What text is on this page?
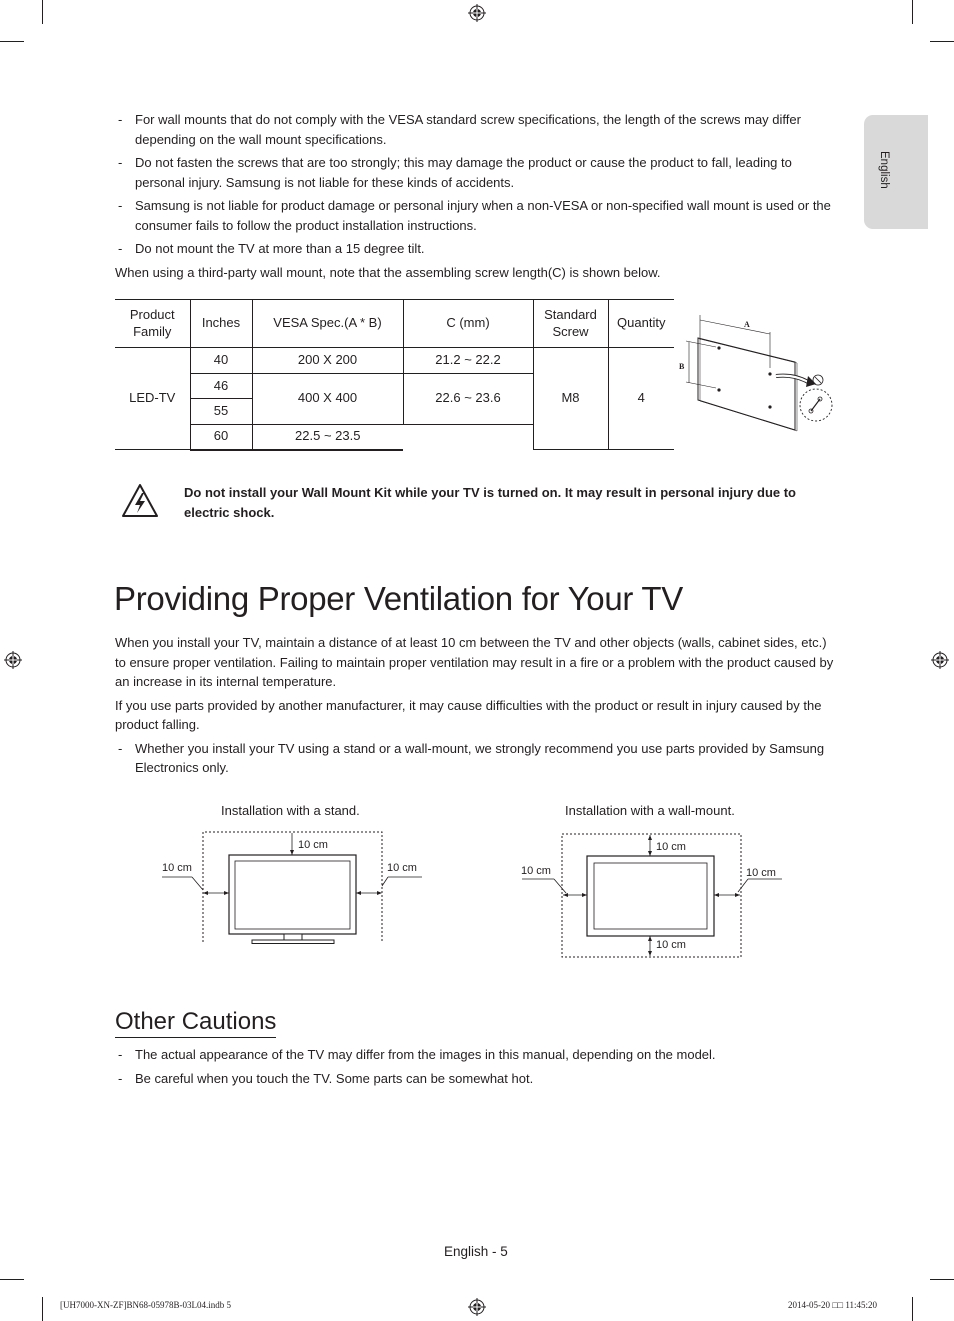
English
- For wall mounts that do not comply with the VESA standard screw specifications, the length of the screws may differ depending on the wall mount specifications.
- Do not fasten the screws that are too strongly; this may damage the product or cause the product to fall, leading to personal injury. Samsung is not liable for these kinds of accidents.
- Samsung is not liable for product damage or personal injury when a non-VESA or non-specified wall mount is used or the consumer fails to follow the product installation instructions.
- Do not mount the TV at more than a 15 degree tilt.
When using a third-party wall mount, note that the assembling screw length(C) is shown below.
Product Family	Inches	VESA Spec.(A * B)	C (mm)	Standard Screw	Quantity
LED-TV	40	200 X 200	21.2 ~ 22.2	M8	4
	46	400 X 400	22.6 ~ 23.6		
	55				
	60	22.5 ~ 23.5			
A
B
Do not install your Wall Mount Kit while your TV is turned on. It may result in personal injury due to electric shock.
Providing Proper Ventilation for Your TV
When you install your TV, maintain a distance of at least 10 cm between the TV and other objects (walls, cabinet sides, etc.) to ensure proper ventilation. Failing to maintain proper ventilation may result in a fire or a problem with the product caused by an increase in its internal temperature.
If you use parts provided by another manufacturer, it may cause difficulties with the product or result in injury caused by the product falling.
- Whether you install your TV using a stand or a wall-mount, we strongly recommend you use parts provided by Samsung Electronics only.
Installation with a stand.
10 cm
10 cm	10 cm
Installation with a wall-mount.
10 cm
10 cm
10 cm	10 cm
Other Cautions
- The actual appearance of the TV may differ from the images in this manual, depending on the model.
- Be careful when you touch the TV. Some parts can be somewhat hot.
English - 5
[UH7000-XN-ZF]BN68-05978B-03L04.indb 5	2014-05-20 □□ 11:45:20
